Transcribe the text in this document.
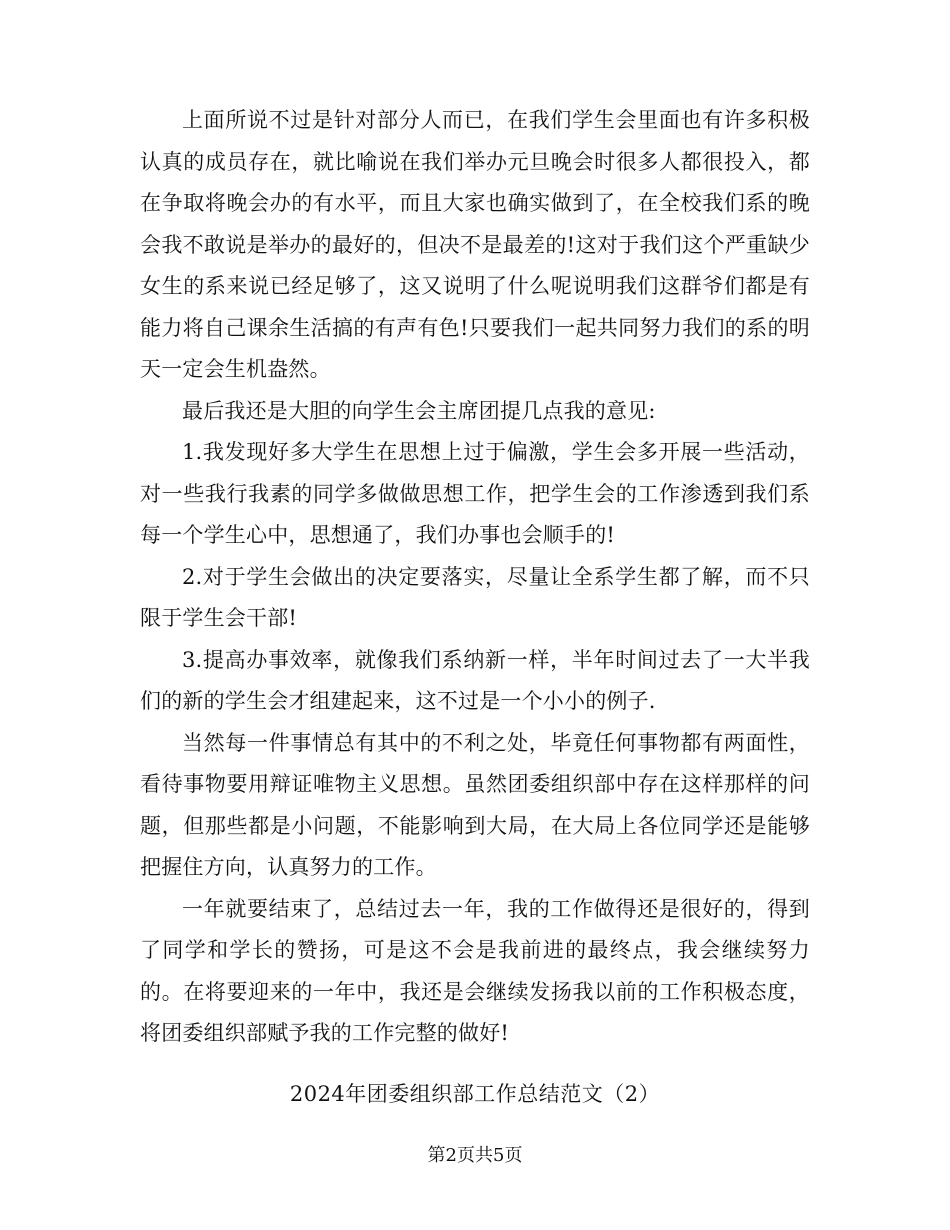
上面所说不过是针对部分人而已，在我们学生会里面也有许多积极认真的成员存在，就比喻说在我们举办元旦晚会时很多人都很投入，都在争取将晚会办的有水平，而且大家也确实做到了，在全校我们系的晚会我不敢说是举办的最好的，但决不是最差的!这对于我们这个严重缺少女生的系来说已经足够了，这又说明了什么呢说明我们这群爷们都是有能力将自己课余生活搞的有声有色!只要我们一起共同努力我们的系的明天一定会生机盎然。

最后我还是大胆的向学生会主席团提几点我的意见:

1.我发现好多大学生在思想上过于偏激，学生会多开展一些活动，对一些我行我素的同学多做做思想工作，把学生会的工作渗透到我们系每一个学生心中，思想通了，我们办事也会顺手的!

2.对于学生会做出的决定要落实，尽量让全系学生都了解，而不只限于学生会干部!

3.提高办事效率，就像我们系纳新一样，半年时间过去了一大半我们的新的学生会才组建起来，这不过是一个小小的例子.

当然每一件事情总有其中的不利之处，毕竟任何事物都有两面性，看待事物要用辩证唯物主义思想。虽然团委组织部中存在这样那样的问题，但那些都是小问题，不能影响到大局，在大局上各位同学还是能够把握住方向，认真努力的工作。

一年就要结束了，总结过去一年，我的工作做得还是很好的，得到了同学和学长的赞扬，可是这不会是我前进的最终点，我会继续努力的。在将要迎来的一年中，我还是会继续发扬我以前的工作积极态度，将团委组织部赋予我的工作完整的做好!

2024年团委组织部工作总结范文（2）
第2页共5页
